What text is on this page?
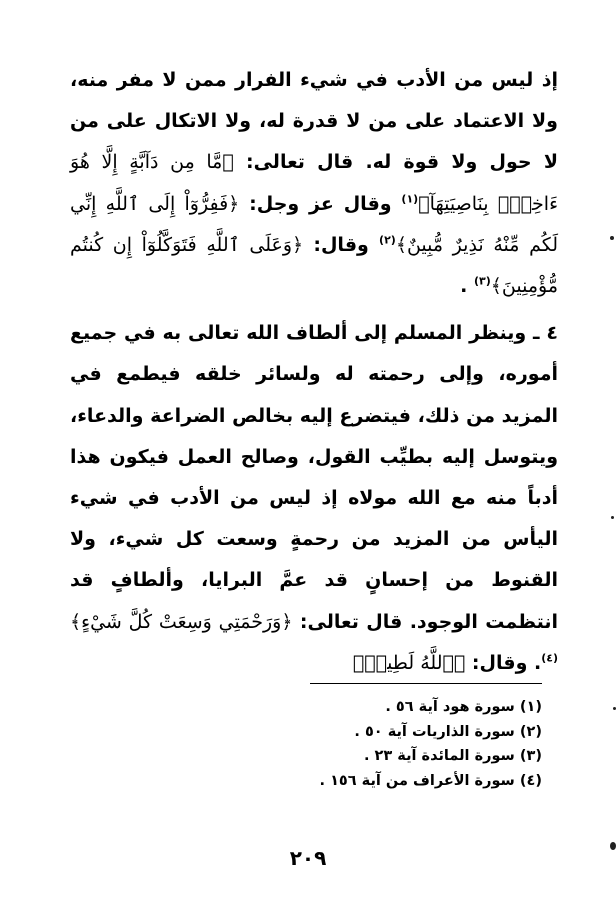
إذ ليس من الأدب في شيء الفرار ممن لا مفر منه، ولا الاعتماد على من لا قدرة له، ولا الاتكال على من لا حول ولا قوة له. قال تعالى: ﴿مَّا مِن دَآبَّةٍ إِلَّا هُوَ ءَاخِذٌۢ بِنَاصِيَتِهَآ﴾$^{(١)}$ وقال عز وجل: ﴿فَفِرُّوٓاْ إِلَى ٱللَّهِ إِنِّي لَكُم مِّنْهُ نَذِيرٌ مُّبِينٌ﴾$^{(٢)}$ وقال: ﴿وَعَلَى ٱللَّهِ فَتَوَكَّلُوٓاْ إِن كُنتُم مُّؤْمِنِينَ﴾$^{(٣)}$ .

٤ ـ وينظر المسلم إلى ألطاف الله تعالى به في جميع أموره، وإلى رحمته له ولسائر خلقه فيطمع في المزيد من ذلك، فيتضرع إليه بخالص الضراعة والدعاء، ويتوسل إليه بطيِّب القول، وصالح العمل فيكون هذا أدباً منه مع الله مولاه إذ ليس من الأدب في شيء اليأس من المزيد من رحمةٍ وسعت كل شيء، ولا القنوط من إحسانٍ قد عمَّ البرايا، وألطافٍ قد انتظمت الوجود. قال تعالى: ﴿وَرَحْمَتِي وَسِعَتْ كُلَّ شَيْءٍ﴾$^{(٤)}$. وقال: ﴿ٱللَّهُ لَطِيفٌۢ

(١) سورة هود آية ٥٦ .
(٢) سورة الذاريات آية ٥٠ .
(٣) سورة المائدة آية ٢٣ .
(٤) سورة الأعراف من آية ١٥٦ .
٢٠٩
